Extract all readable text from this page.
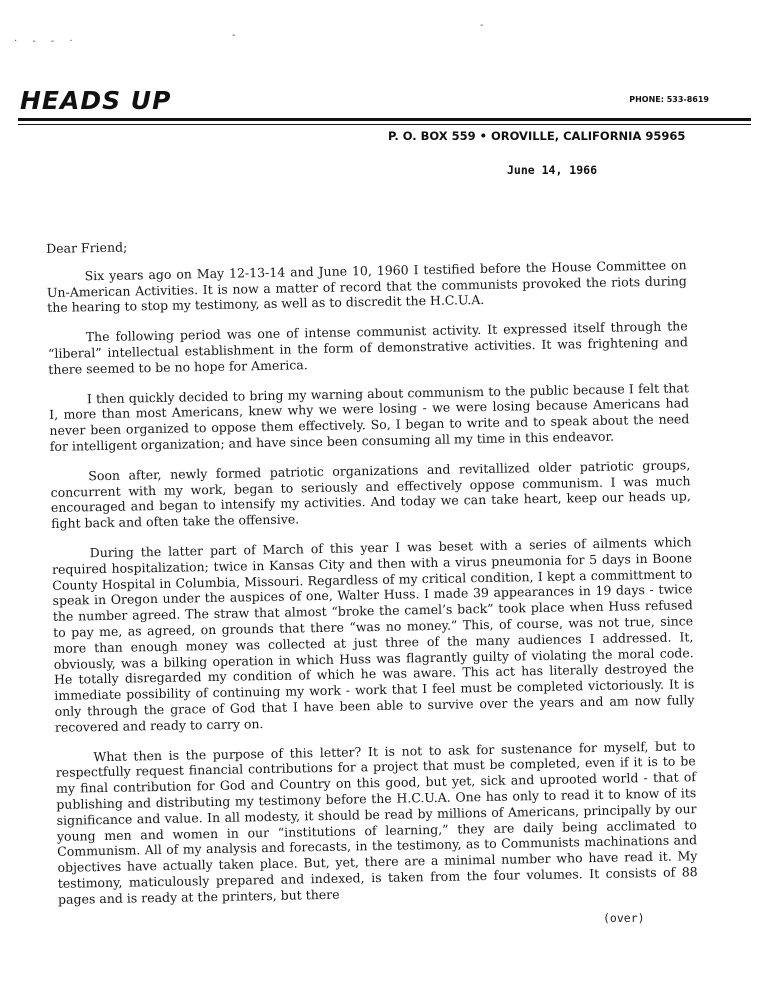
· - - ·
-
-
HEADS UP	PHONE: 533-8619
P. O. BOX 559 • OROVILLE, CALIFORNIA 95965
June 14, 1966
Dear Friend;

Six years ago on May 12-13-14 and June 10, 1960 I testified before the House Committee on Un-American Activities. It is now a matter of record that the communists provoked the riots during the hearing to stop my testimony, as well as to discredit the H.C.U.A.

The following period was one of intense communist activity. It expressed itself through the “liberal” intellectual establishment in the form of demonstrative activities. It was frightening and there seemed to be no hope for America.

I then quickly decided to bring my warning about communism to the public because I felt that I, more than most Americans, knew why we were losing - we were losing because Americans had never been organized to oppose them effectively. So, I began to write and to speak about the need for intelligent organization; and have since been consuming all my time in this endeavor.

Soon after, newly formed patriotic organizations and revitallized older patriotic groups, concurrent with my work, began to seriously and effectively oppose communism. I was much encouraged and began to intensify my activities. And today we can take heart, keep our heads up, fight back and often take the offensive.

During the latter part of March of this year I was beset with a series of ailments which required hospitalization; twice in Kansas City and then with a virus pneumonia for 5 days in Boone County Hospital in Columbia, Missouri. Regardless of my critical condition, I kept a committment to speak in Oregon under the auspices of one, Walter Huss. I made 39 appearances in 19 days - twice the number agreed. The straw that almost “broke the camel’s back” took place when Huss refused to pay me, as agreed, on grounds that there “was no money.” This, of course, was not true, since more than enough money was collected at just three of the many audiences I addressed. It, obviously, was a bilking operation in which Huss was flagrantly guilty of violating the moral code. He totally disregarded my condition of which he was aware. This act has literally destroyed the immediate possibility of continuing my work - work that I feel must be completed victoriously. It is only through the grace of God that I have been able to survive over the years and am now fully recovered and ready to carry on.

What then is the purpose of this letter? It is not to ask for sustenance for myself, but to respectfully request financial contributions for a project that must be completed, even if it is to be my final contribution for God and Country on this good, but yet, sick and uprooted world - that of publishing and distributing my testimony before the H.C.U.A. One has only to read it to know of its significance and value. In all modesty, it should be read by millions of Americans, principally by our young men and women in our “institutions of learning,” they are daily being acclimated to Communism. All of my analysis and forecasts, in the testimony, as to Communists machinations and objectives have actually taken place. But, yet, there are a minimal number who have read it. My testimony, maticulously prepared and indexed, is taken from the four volumes. It consists of 88 pages and is ready at the printers, but there

(over)
